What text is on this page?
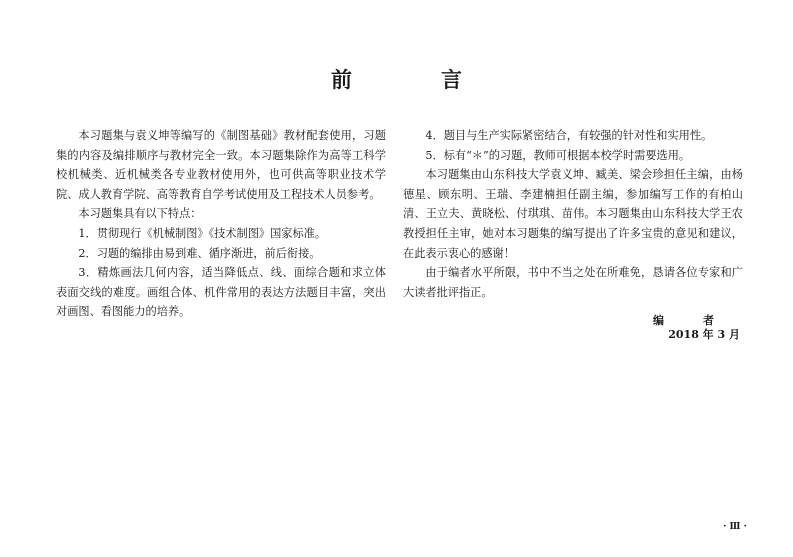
前　言

本习题集与袁义坤等编写的《制图基础》教材配套使用，习题集的内容及编排顺序与教材完全一致。本习题集除作为高等工科学校机械类、近机械类各专业教材使用外，也可供高等职业技术学院、成人教育学院、高等教育自学考试使用及工程技术人员参考。

本习题集具有以下特点：

1．贯彻现行《机械制图》《技术制图》国家标准。

2．习题的编排由易到难、循序渐进，前后衔接。

3．精炼画法几何内容，适当降低点、线、面综合题和求立体表面交线的难度。画组合体、机件常用的表达方法题目丰富，突出对画图、看图能力的培养。

4．题目与生产实际紧密结合，有较强的针对性和实用性。

5．标有“＊”的习题，教师可根据本校学时需要选用。

本习题集由山东科技大学袁义坤、臧美、梁会珍担任主编，由杨德星、顾东明、王瑞、李建楠担任副主编，参加编写工作的有柏山清、王立夫、黄晓松、付琪琪、苗伟。本习题集由山东科技大学王农教授担任主审，她对本习题集的编写提出了许多宝贵的意见和建议，在此表示衷心的感谢！

由于编者水平所限，书中不当之处在所难免，恳请各位专家和广大读者批评指正。

编　者
2018 年 3 月
· Ⅲ ·
